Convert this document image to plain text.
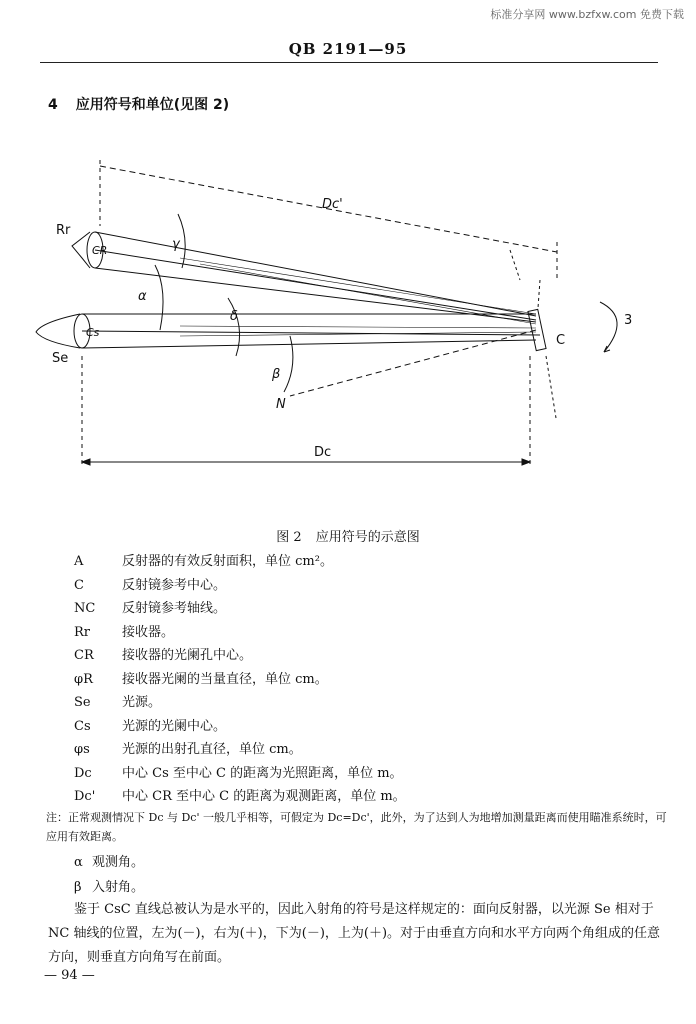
标准分享网 www.bzfxw.com 免费下载
QB 2191—95
4 应用符号和单位(见图 2)
Rr
CR	γ
α
δ
Se
Cs
β
N
C
3
Dc'
Dc
图 2 应用符号的示意图
A	反射器的有效反射面积，单位 cm²。
C	反射镜参考中心。
NC	反射镜参考轴线。
Rr	接收器。
CR	接收器的光阑孔中心。
φR	接收器光阑的当量直径，单位 cm。
Se	光源。
Cs	光源的光阑中心。
φs	光源的出射孔直径，单位 cm。
Dc	中心 Cs 至中心 C 的距离为光照距离，单位 m。
Dc'	中心 CR 至中心 C 的距离为观测距离，单位 m。
注：正常观测情况下 Dc 与 Dc' 一般几乎相等，可假定为 Dc=Dc'，此外，为了达到人为地增加测量距离而使用瞄准系统时，可应用有效距离。
α 观测角。
β 入射角。
鉴于 CsC 直线总被认为是水平的，因此入射角的符号是这样规定的：面向反射器，以光源 Se 相对于 NC 轴线的位置，左为(－)，右为(＋)，下为(－)，上为(＋)。对于由垂直方向和水平方向两个角组成的任意方向，则垂直方向角写在前面。
— 94 —
